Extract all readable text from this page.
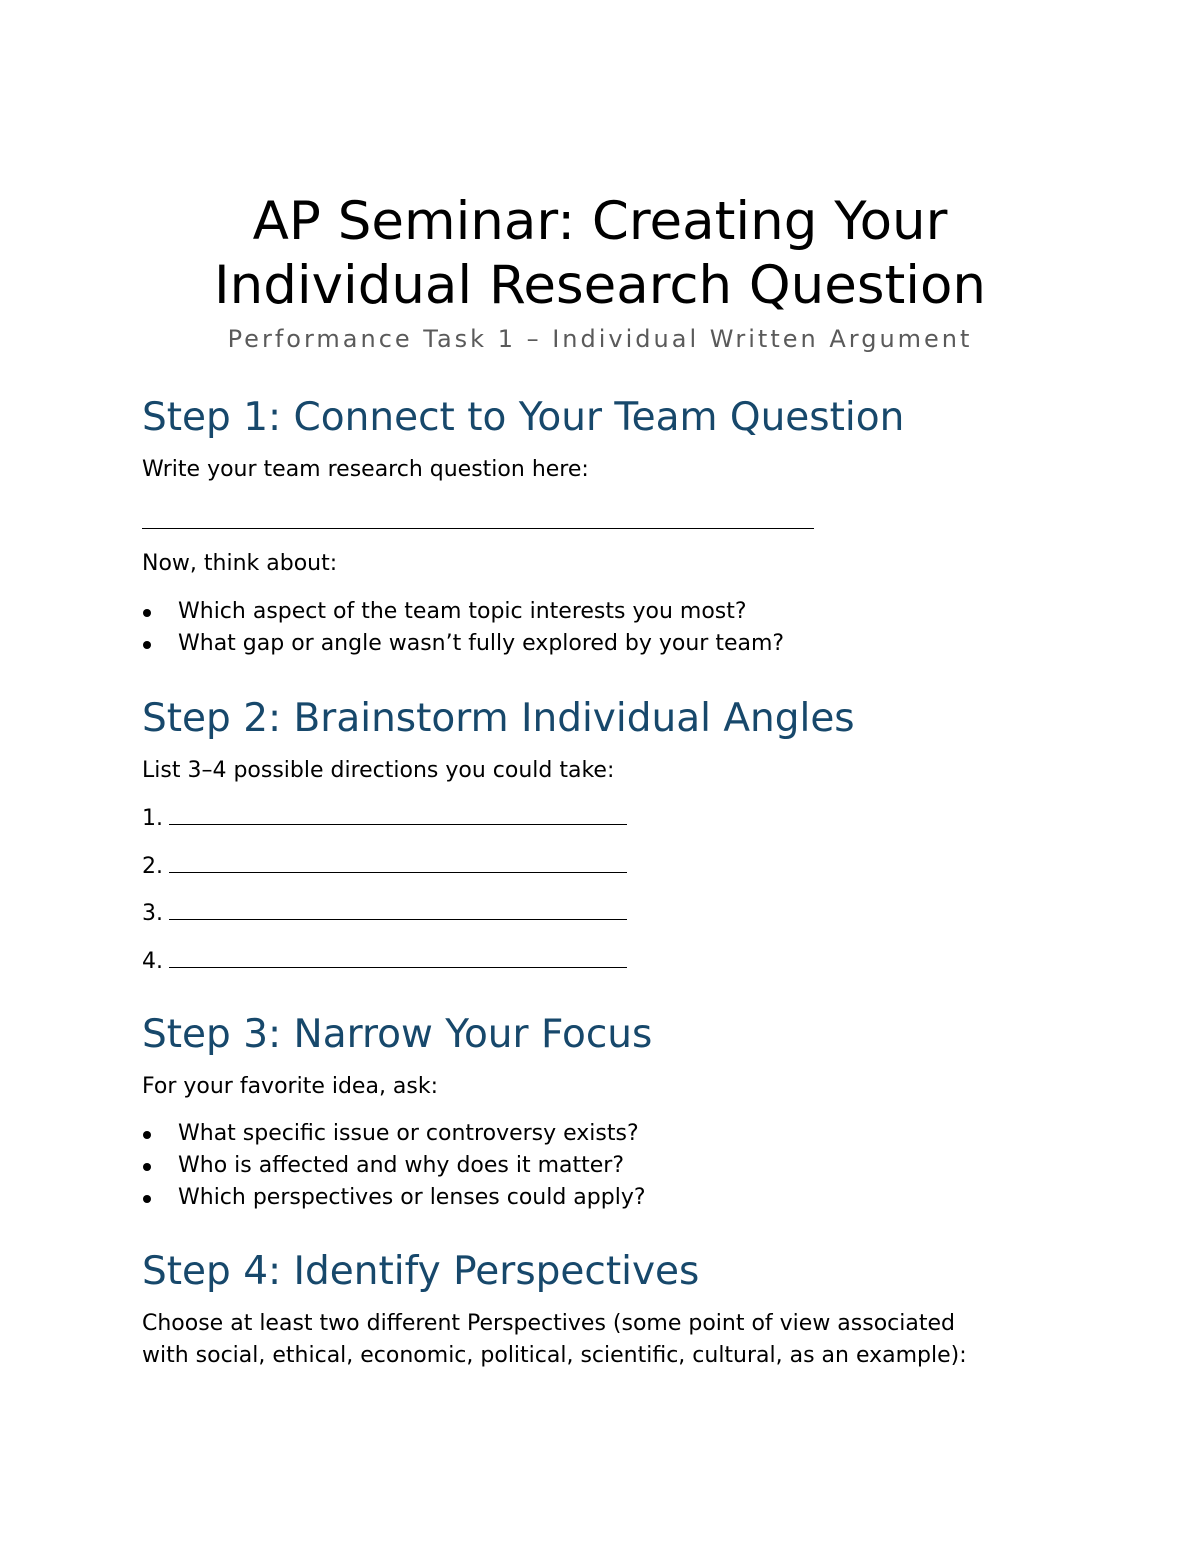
AP Seminar: Creating Your
Individual Research Question
Performance Task 1 – Individual Written Argument
Step 1: Connect to Your Team Question
Write your team research question here:
Now, think about:
Which aspect of the team topic interests you most?
What gap or angle wasn’t fully explored by your team?
Step 2: Brainstorm Individual Angles
List 3–4 possible directions you could take:
1.
2.
3.
4.
Step 3: Narrow Your Focus
For your favorite idea, ask:
What specific issue or controversy exists?
Who is affected and why does it matter?
Which perspectives or lenses could apply?
Step 4: Identify Perspectives
Choose at least two different Perspectives (some point of view associated
with social, ethical, economic, political, scientific, cultural, as an example):
